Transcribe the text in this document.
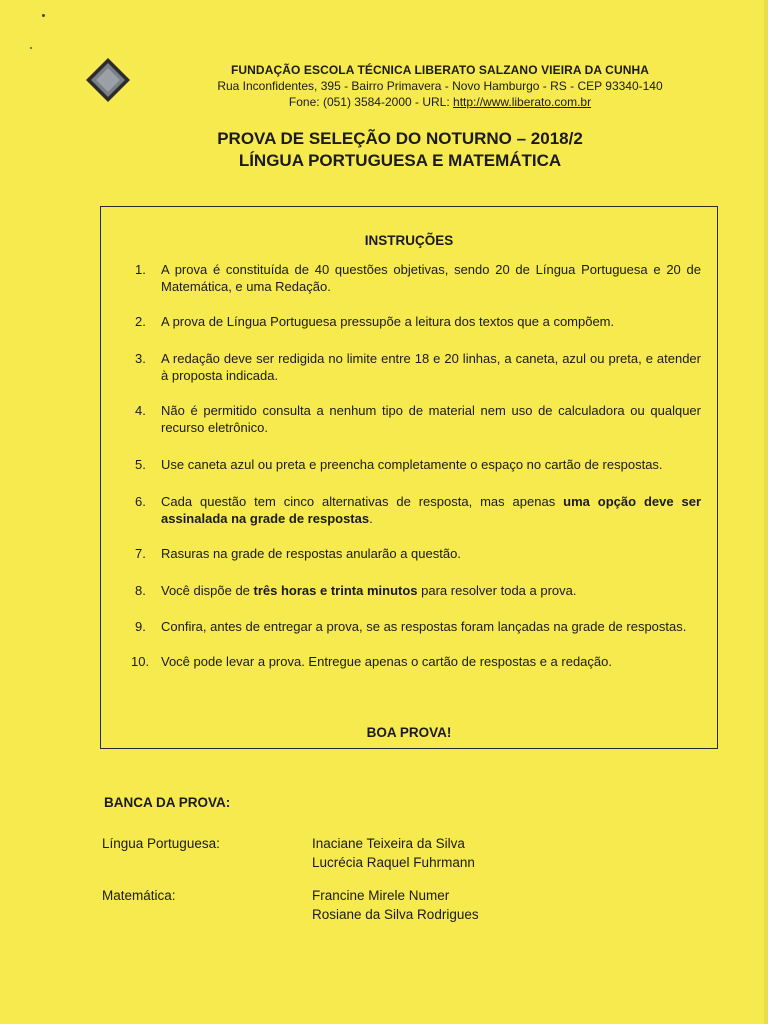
FUNDAÇÃO ESCOLA TÉCNICA LIBERATO SALZANO VIEIRA DA CUNHA
Rua Inconfidentes, 395 - Bairro Primavera - Novo Hamburgo - RS - CEP 93340-140
Fone: (051) 3584-2000 - URL: http://www.liberato.com.br
PROVA DE SELEÇÃO DO NOTURNO – 2018/2
LÍNGUA PORTUGUESA E MATEMÁTICA
INSTRUÇÕES
1.	A prova é constituída de 40 questões objetivas, sendo 20 de Língua Portuguesa e 20 de Matemática, e uma Redação.
2.	A prova de Língua Portuguesa pressupõe a leitura dos textos que a compõem.
3.	A redação deve ser redigida no limite entre 18 e 20 linhas, a caneta, azul ou preta, e atender à proposta indicada.
4.	Não é permitido consulta a nenhum tipo de material nem uso de calculadora ou qualquer recurso eletrônico.
5.	Use caneta azul ou preta e preencha completamente o espaço no cartão de respostas.
6.	Cada questão tem cinco alternativas de resposta, mas apenas uma opção deve ser assinalada na grade de respostas.
7.	Rasuras na grade de respostas anularão a questão.
8.	Você dispõe de três horas e trinta minutos para resolver toda a prova.
9.	Confira, antes de entregar a prova, se as respostas foram lançadas na grade de respostas.
10. Você pode levar a prova. Entregue apenas o cartão de respostas e a redação.
BOA PROVA!
BANCA DA PROVA:
Língua Portuguesa:	Inaciane Teixeira da Silva
Lucrécia Raquel Fuhrmann
Matemática:	Francine Mirele Numer
Rosiane da Silva Rodrigues
